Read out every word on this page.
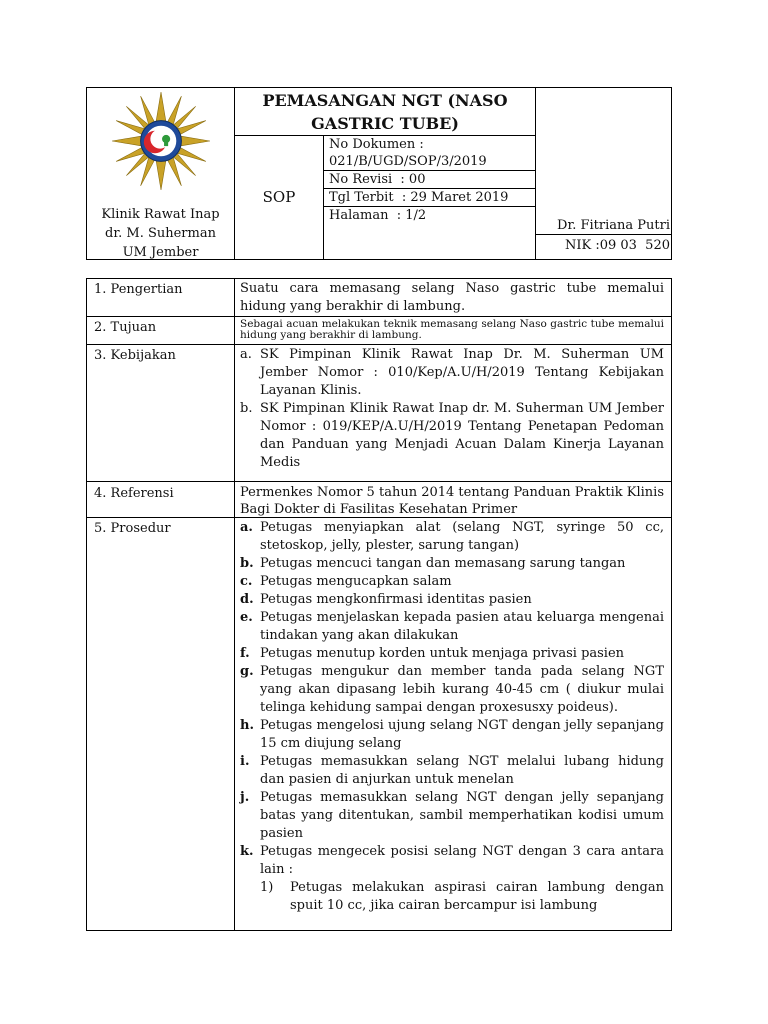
Klinik Rawat Inap
dr. M. Suherman
UM Jember
PEMASANGAN NGT (NASO GASTRIC TUBE)
SOP
No Dokumen :
021/B/UGD/SOP/3/2019
No Revisi  : 00
Tgl Terbit  : 29 Maret 2019
Halaman  : 1/2
Dr. Fitriana Putri
NIK :09 03  520
1. Pengertian	Suatu cara memasang selang Naso gastric tube memalui hidung yang berakhir di lambung.
2. Tujuan	Sebagai acuan melakukan teknik memasang selang Naso gastric tube memalui hidung yang berakhir di lambung.
3. Kebijakan	a. SK Pimpinan Klinik Rawat Inap Dr. M. Suherman UM Jember Nomor : 010/Kep/A.U/H/2019 Tentang Kebijakan Layanan Klinis.
b. SK Pimpinan Klinik Rawat Inap dr. M. Suherman UM Jember Nomor : 019/KEP/A.U/H/2019 Tentang Penetapan Pedoman dan Panduan yang Menjadi Acuan Dalam Kinerja Layanan Medis
4. Referensi	Permenkes Nomor 5 tahun 2014 tentang Panduan Praktik Klinis Bagi Dokter di Fasilitas Kesehatan Primer
5. Prosedur	a. Petugas menyiapkan alat (selang NGT, syringe 50 cc, stetoskop, jelly, plester, sarung tangan)
b. Petugas mencuci tangan dan memasang sarung tangan
c. Petugas mengucapkan salam
d. Petugas mengkonfirmasi identitas pasien
e. Petugas menjelaskan kepada pasien atau keluarga mengenai tindakan yang akan dilakukan
f. Petugas menutup korden untuk menjaga privasi pasien
g. Petugas mengukur dan member tanda pada selang NGT yang akan dipasang lebih kurang 40-45 cm ( diukur mulai telinga kehidung sampai dengan proxesusxy poideus).
h. Petugas mengelosi ujung selang NGT dengan jelly sepanjang 15 cm diujung selang
i. Petugas memasukkan selang NGT melalui lubang hidung dan pasien di anjurkan untuk menelan
j. Petugas memasukkan selang NGT dengan jelly sepanjang batas yang ditentukan, sambil memperhatikan kodisi umum pasien
k. Petugas mengecek posisi selang NGT dengan 3 cara antara lain :
1)	Petugas melakukan aspirasi cairan lambung dengan spuit 10 cc, jika cairan bercampur isi lambung
